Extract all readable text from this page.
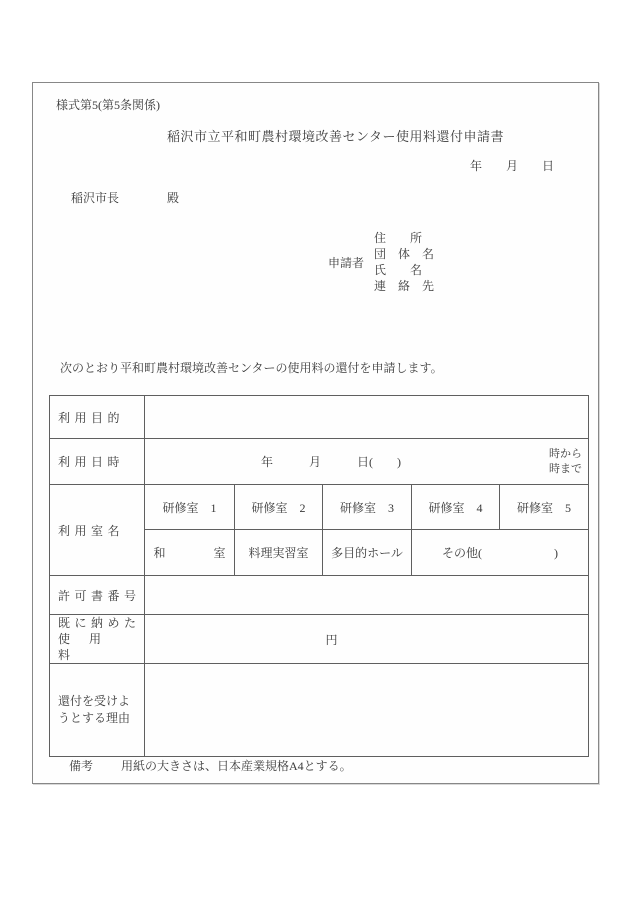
様式第5(第5条関係)
稲沢市立平和町農村環境改善センター使用料還付申請書
年　　月　　日
稲沢市長　　　　殿
申請者
住　　所
団　体　名
氏　　名
連　絡　先
次のとおり平和町農村環境改善センターの使用料の還付を申請します。
利用目的					
利用日時	年　　　月　　　日(　　)
時から
時まで				

利用室名	研修室　1	研修室　2	研修室　3	研修室　4	研修室　5
	和　　　　室	料理実習室	多目的ホール	その他(　　　　　　)	
許可書番号					

既に納めた
使用料	円				

還付を受けよ
うとする理由					

備考 用紙の大きさは、日本産業規格A4とする。
